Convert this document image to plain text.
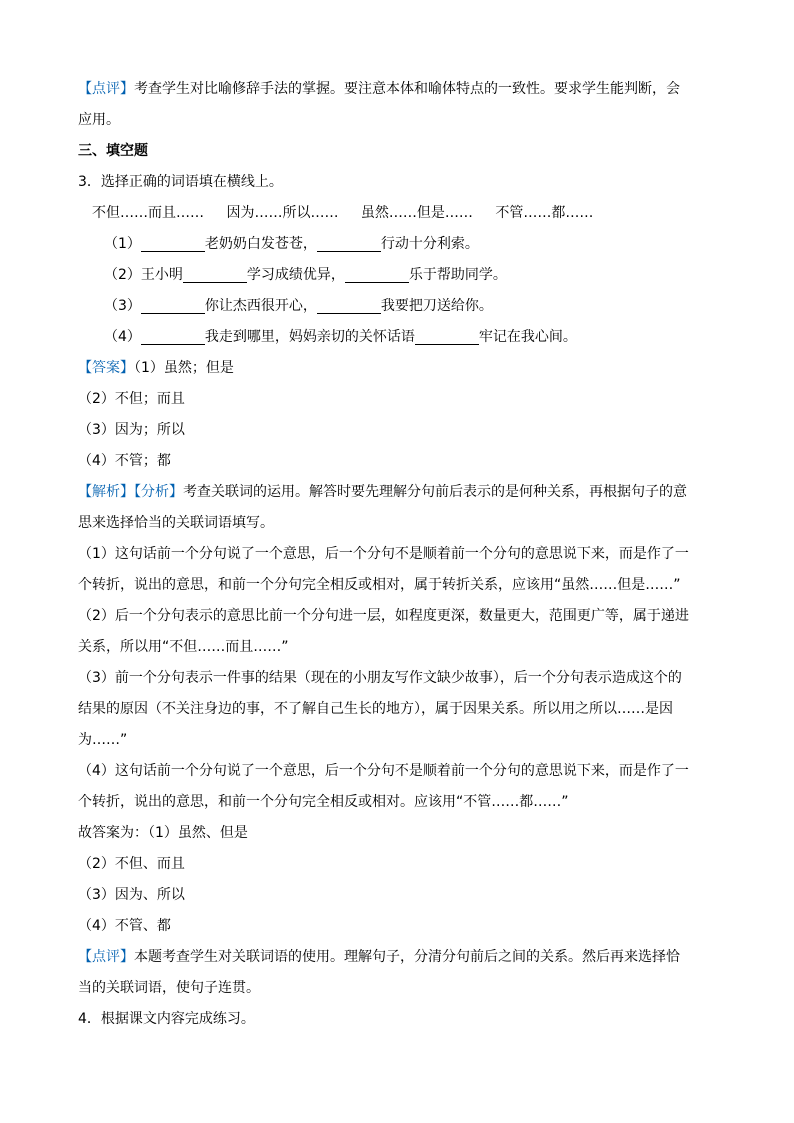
【点评】考查学生对比喻修辞手法的掌握。要注意本体和喻体特点的一致性。要求学生能判断，会
应用。
三、填空题
3．选择正确的词语填在横线上。
不但……而且…… 因为……所以…… 虽然……但是…… 不管……都……
（1）	老奶奶白发苍苍，	行动十分利索。
（2）王小明	学习成绩优异，	乐于帮助同学。
（3）	你让杰西很开心，	我要把刀送给你。
（4）	我走到哪里，妈妈亲切的关怀话语	牢记在我心间。
【答案】（1）虽然；但是
（2）不但；而且
（3）因为；所以
（4）不管；都
【解析】【分析】考查关联词的运用。解答时要先理解分句前后表示的是何种关系，再根据句子的意
思来选择恰当的关联词语填写。
（1）这句话前一个分句说了一个意思，后一个分句不是顺着前一个分句的意思说下来，而是作了一
个转折，说出的意思，和前一个分句完全相反或相对，属于转折关系，应该用“虽然……但是……”
（2）后一个分句表示的意思比前一个分句进一层，如程度更深，数量更大，范围更广等，属于递进
关系，所以用“不但……而且……”
（3）前一个分句表示一件事的结果（现在的小朋友写作文缺少故事），后一个分句表示造成这个的
结果的原因（不关注身边的事，不了解自己生长的地方），属于因果关系。所以用之所以……是因
为……”
（4）这句话前一个分句说了一个意思，后一个分句不是顺着前一个分句的意思说下来，而是作了一
个转折，说出的意思，和前一个分句完全相反或相对。应该用“不管……都……”
故答案为：（1）虽然、但是
（2）不但、而且
（3）因为、所以
（4）不管、都
【点评】本题考查学生对关联词语的使用。理解句子，分清分句前后之间的关系。然后再来选择恰
当的关联词语，使句子连贯。
4．根据课文内容完成练习。
